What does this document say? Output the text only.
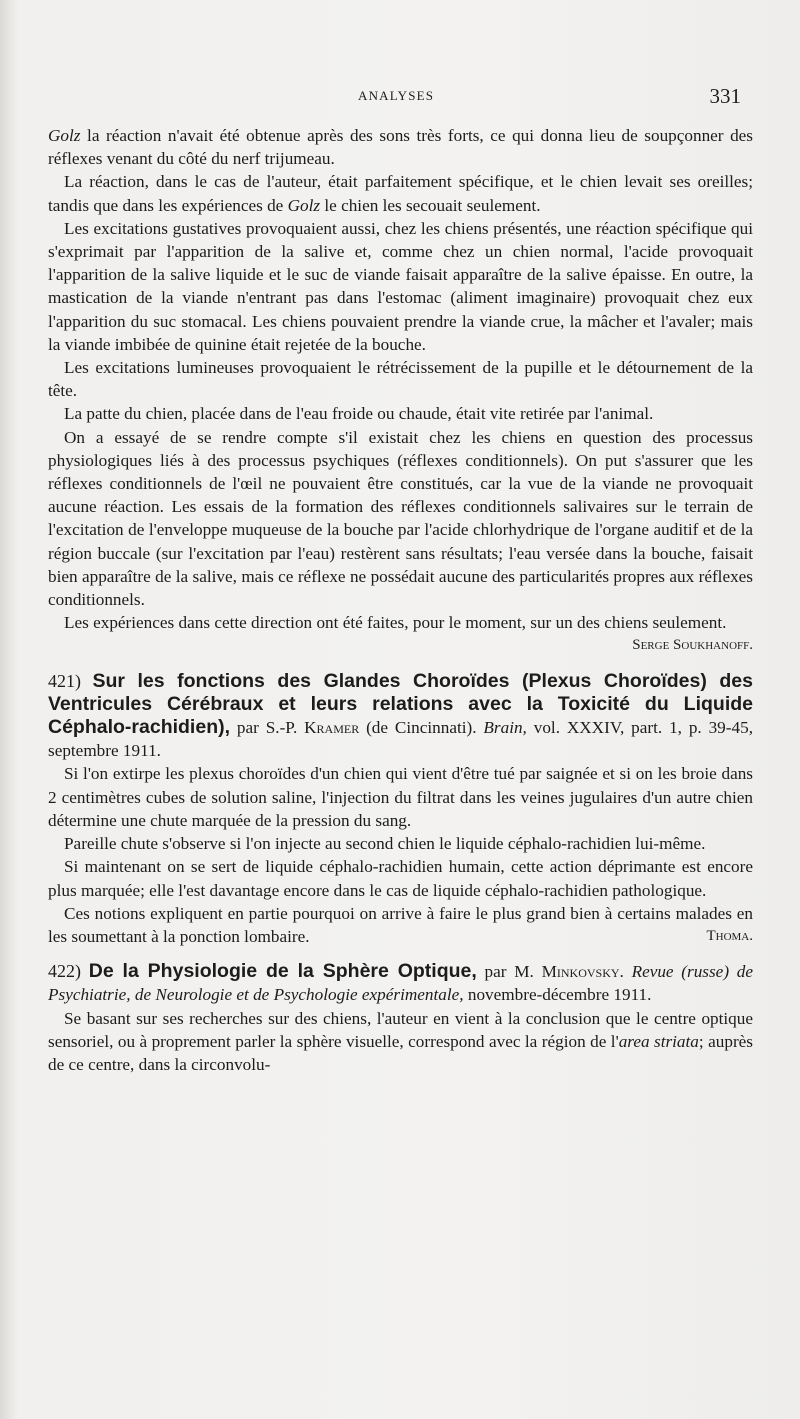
ANALYSES	331

Golz la réaction n'avait été obtenue après des sons très forts, ce qui donna lieu de soupçonner des réflexes venant du côté du nerf trijumeau.

La réaction, dans le cas de l'auteur, était parfaitement spécifique, et le chien levait ses oreilles; tandis que dans les expériences de Golz le chien les secouait seulement.

Les excitations gustatives provoquaient aussi, chez les chiens présentés, une réaction spécifique qui s'exprimait par l'apparition de la salive et, comme chez un chien normal, l'acide provoquait l'apparition de la salive liquide et le suc de viande faisait apparaître de la salive épaisse. En outre, la mastication de la viande n'entrant pas dans l'estomac (aliment imaginaire) provoquait chez eux l'apparition du suc stomacal. Les chiens pouvaient prendre la viande crue, la mâcher et l'avaler; mais la viande imbibée de quinine était rejetée de la bouche.

Les excitations lumineuses provoquaient le rétrécissement de la pupille et le détournement de la tête.

La patte du chien, placée dans de l'eau froide ou chaude, était vite retirée par l'animal.

On a essayé de se rendre compte s'il existait chez les chiens en question des processus physiologiques liés à des processus psychiques (réflexes conditionnels). On put s'assurer que les réflexes conditionnels de l'œil ne pouvaient être constitués, car la vue de la viande ne provoquait aucune réaction. Les essais de la formation des réflexes conditionnels salivaires sur le terrain de l'excitation de l'enveloppe muqueuse de la bouche par l'acide chlorhydrique de l'organe auditif et de la région buccale (sur l'excitation par l'eau) restèrent sans résultats; l'eau versée dans la bouche, faisait bien apparaître de la salive, mais ce réflexe ne possédait aucune des particularités propres aux réflexes conditionnels.

Les expériences dans cette direction ont été faites, pour le moment, sur un des chiens seulement.
Serge Soukhanoff.

421) Sur les fonctions des Glandes Choroïdes (Plexus Choroïdes) des Ventricules Cérébraux et leurs relations avec la Toxicité du Liquide Céphalo-rachidien), par S.-P. Kramer (de Cincinnati). Brain, vol. XXXIV, part. 1, p. 39-45, septembre 1911.

Si l'on extirpe les plexus choroïdes d'un chien qui vient d'être tué par saignée et si on les broie dans 2 centimètres cubes de solution saline, l'injection du filtrat dans les veines jugulaires d'un autre chien détermine une chute marquée de la pression du sang.

Pareille chute s'observe si l'on injecte au second chien le liquide céphalo-rachidien lui-même.

Si maintenant on se sert de liquide céphalo-rachidien humain, cette action déprimante est encore plus marquée; elle l'est davantage encore dans le cas de liquide céphalo-rachidien pathologique.

Ces notions expliquent en partie pourquoi on arrive à faire le plus grand bien à certains malades en les soumettant à la ponction lombaire.	Thoma.

422) De la Physiologie de la Sphère Optique, par M. Minkovsky. Revue (russe) de Psychiatrie, de Neurologie et de Psychologie expérimentale, novembre-décembre 1911.

Se basant sur ses recherches sur des chiens, l'auteur en vient à la conclusion que le centre optique sensoriel, ou à proprement parler la sphère visuelle, correspond avec la région de l'area striata; auprès de ce centre, dans la circonvolu-
